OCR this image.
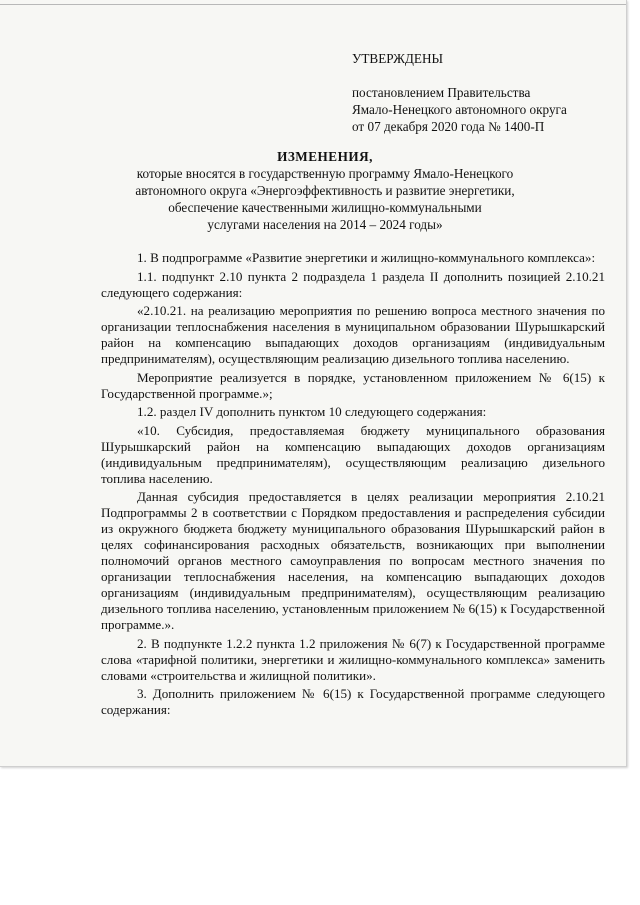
УТВЕРЖДЕНЫ
постановлением Правительства
Ямало-Ненецкого автономного округа
от 07 декабря 2020 года № 1400-П
ИЗМЕНЕНИЯ,
которые вносятся в государственную программу Ямало-Ненецкого
автономного округа «Энергоэффективность и развитие энергетики,
обеспечение качественными жилищно-коммунальными
услугами населения на 2014 – 2024 годы»

1. В подпрограмме «Развитие энергетики и жилищно-коммунального комплекса»:

1.1. подпункт 2.10 пункта 2 подраздела 1 раздела II дополнить позицией 2.10.21 следующего содержания:

«2.10.21. на реализацию мероприятия по решению вопроса местного значения по организации теплоснабжения населения в муниципальном образовании Шурышкарский район на компенсацию выпадающих доходов организациям (индивидуальным предпринимателям), осуществляющим реализацию дизельного топлива населению.

Мероприятие реализуется в порядке, установленном приложением № 6(15) к Государственной программе.»;

1.2. раздел IV дополнить пунктом 10 следующего содержания:

«10. Субсидия, предоставляемая бюджету муниципального образования Шурышкарский район на компенсацию выпадающих доходов организациям (индивидуальным предпринимателям), осуществляющим реализацию дизельного топлива населению.

Данная субсидия предоставляется в целях реализации мероприятия 2.10.21 Подпрограммы 2 в соответствии с Порядком предоставления и распределения субсидии из окружного бюджета бюджету муниципального образования Шурышкарский район в целях софинансирования расходных обязательств, возникающих при выполнении полномочий органов местного самоуправления по вопросам местного значения по организации теплоснабжения населения, на компенсацию выпадающих доходов организациям (индивидуальным предпринимателям), осуществляющим реализацию дизельного топлива населению, установленным приложением № 6(15) к Государственной программе.».

2. В подпункте 1.2.2 пункта 1.2 приложения № 6(7) к Государственной программе слова «тарифной политики, энергетики и жилищно-коммунального комплекса» заменить словами «строительства и жилищной политики».

3. Дополнить приложением № 6(15) к Государственной программе следующего содержания:
